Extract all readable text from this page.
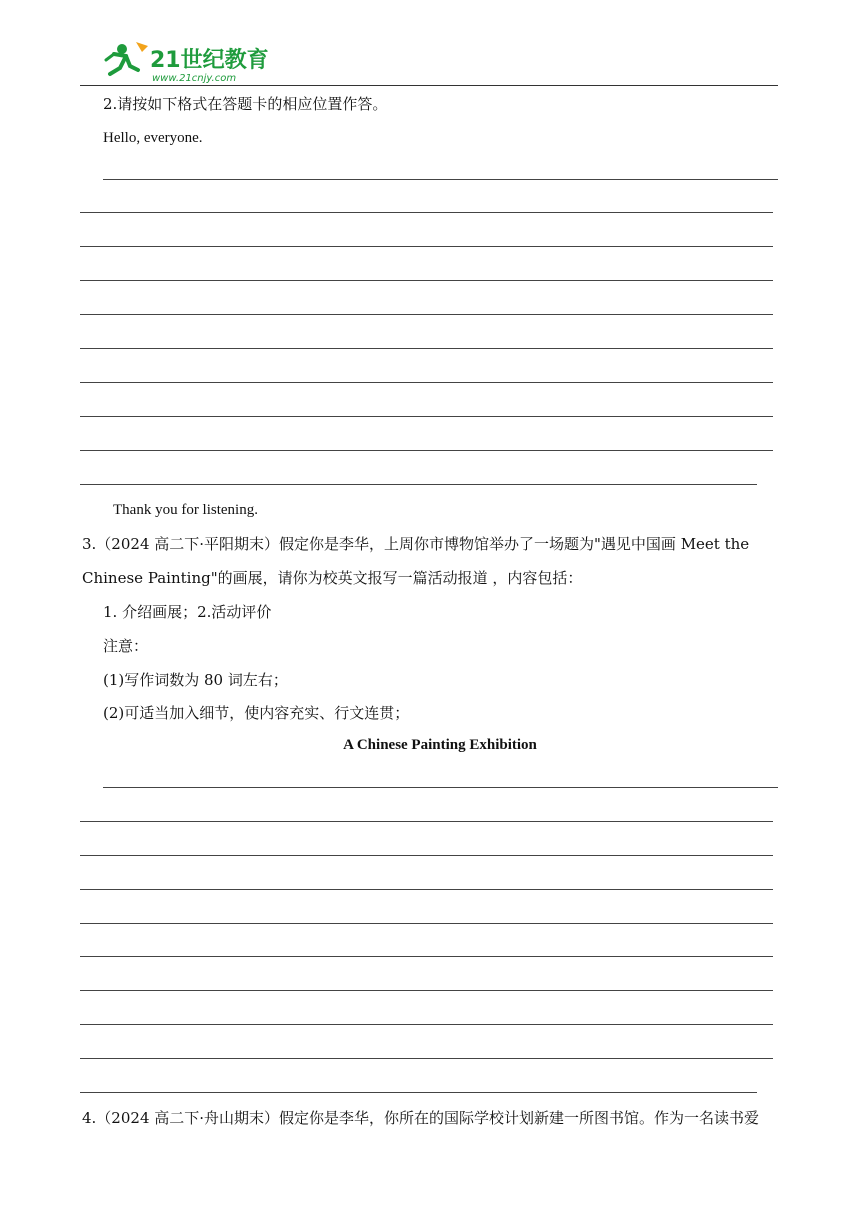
21世纪教育
www.21cnjy.com
2.请按如下格式在答题卡的相应位置作答。
Hello, everyone.
Thank you for listening.
3.（2024 高二下·平阳期末）假定你是李华，上周你市博物馆举办了一场题为"遇见中国画 Meet the
Chinese Painting"的画展，请你为校英文报写一篇活动报道 ，内容包括：
1. 介绍画展；2.活动评价
注意：
(1)写作词数为 80 词左右；
(2)可适当加入细节，使内容充实、行文连贯；
A Chinese Painting Exhibition
4.（2024 高二下·舟山期末）假定你是李华，你所在的国际学校计划新建一所图书馆。作为一名读书爱
